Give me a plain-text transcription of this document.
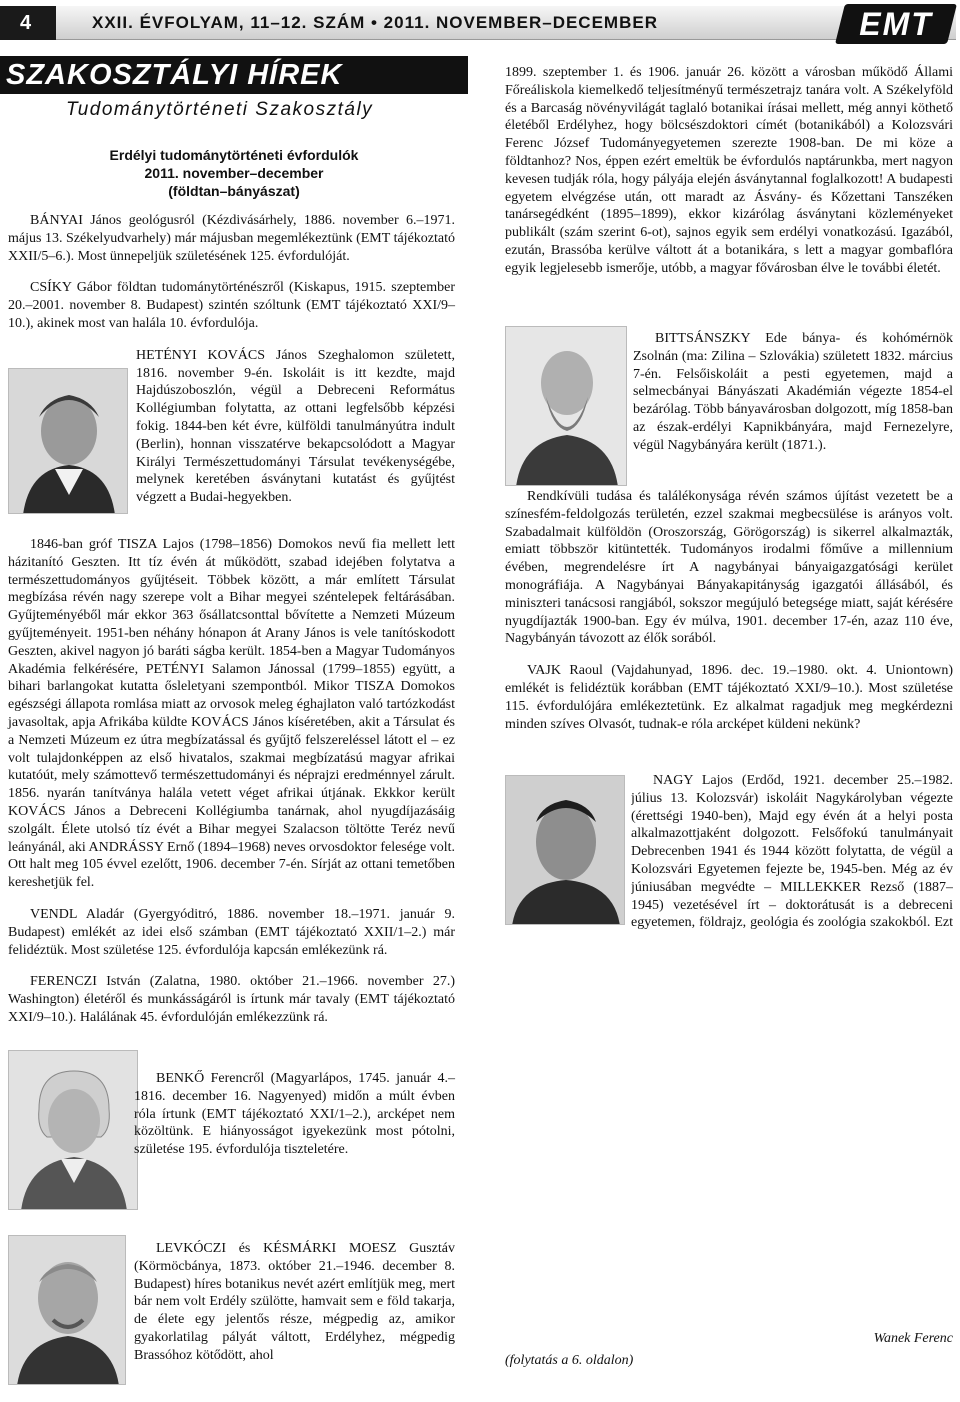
4	XXII. ÉVFOLYAM, 11–12. SZÁM • 2011. NOVEMBER–DECEMBER	EMT
SZAKOSZTÁLYI HÍREK
Tudománytörténeti Szakosztály
Erdélyi tudománytörténeti évfordulók
2011. november–december
(földtan–bányászat)

BÁNYAI János geológusról (Kézdivásárhely, 1886. november 6.–1971. május 13. Székelyudvarhely) már májusban megemlékeztünk (EMT tájékoztató XXII/5–6.). Most ünnepeljük születésének 125. évfordulóját.

CSÍKY Gábor földtan tudománytörténészről (Kiskapus, 1915. szeptember 20.–2001. november 8. Budapest) szintén szóltunk (EMT tájékoztató XXI/9–10.), akinek most van halála 10. évfordulója.

HETÉNYI KOVÁCS János Szeghalomon született, 1816. november 9-én. Iskoláit is itt kezdte, majd Hajdúszoboszlón, végül a Debreceni Református Kollégiumban folytatta, az ottani legfelsőbb képzési fokig. 1844-ben két évre, külföldi tanulmányútra indult (Berlin), honnan visszatérve bekapcsolódott a Magyar Királyi Természettudományi Társulat tevékenységébe, melynek keretében ásványtani kutatást és gyűjtést végzett a Budai-hegyekben.

1846-ban gróf TISZA Lajos (1798–1856) Domokos nevű fia mellett lett házitanító Geszten. Itt tíz évén át működött, szabad idejében folytatva a természettudományos gyűjtéseit. Többek között, a már említett Társulat megbízása révén nagy szerepe volt a Bihar megyei széntelepek feltárásában. Gyűjteményéből már ekkor 363 ősállatcsonttal bővítette a Nemzeti Múzeum gyűjteményeit. 1951-ben néhány hónapon át Arany János is vele tanítóskodott Geszten, akivel nagyon jó baráti ságba került. 1854-ben a Magyar Tudományos Akadémia felkérésére, PETÉNYI Salamon Jánossal (1799–1855) együtt, a bihari barlangokat kutatta ősleletyani szempontból. Mikor TISZA Domokos egészségi állapota romlása miatt az orvosok meleg éghajlaton való tartózkodást javasoltak, apja Afrikába küldte KOVÁCS János kíséretében, akit a Társulat és a Nemzeti Múzeum ez útra megbízatással és gyűjtő felszereléssel látott el – ez volt tulajdonképpen az első hivatalos, szakmai megbízatású magyar afrikai kutatóút, mely számottevő természettudományi és néprajzi eredménnyel zárult. 1856. nyarán tanítványa halála vetett véget afrikai útjának. Ekkkor került KOVÁCS János a Debreceni Kollégiumba tanárnak, ahol nyugdíjazásáig szolgált. Élete utolsó tíz évét a Bihar megyei Szalacson töltötte Teréz nevű leányánál, aki ANDRÁSSY Ernő (1894–1968) neves orvosdoktor felesége volt. Ott halt meg 105 évvel ezelőtt, 1906. december 7-én. Sírját az ottani temetőben kereshetjük fel.

VENDL Aladár (Gyergyóditró, 1886. november 18.–1971. január 9. Budapest) emlékét az idei első számban (EMT tájékoztató XXII/1–2.) már felidéztük. Most születése 125. évfordulója kapcsán emlékezünk rá.

FERENCZI István (Zalatna, 1980. október 21.–1966. november 27.) Washington) életéről és munkásságáról is írtunk már tavaly (EMT tájékoztató XXI/9–10.). Halálának 45. évfordulóján emlékezzünk rá.

BENKŐ Ferencről (Magyarlápos, 1745. január 4.–1816. december 16. Nagyenyed) midőn a múlt évben róla írtunk (EMT tájékoztató XXI/1–2.), arcképet nem közöltünk. E hiányosságot igyekezünk most pótolni, születése 195. évfordulója tiszteletére.

LEVKÓCZI és KÉSMÁRKI MOESZ Gusztáv (Körmöcbánya, 1873. október 21.–1946. december 8. Budapest) híres botanikus nevét azért említjük meg, mert bár nem volt Erdély szülötte, hamvait sem e föld takarja, de élete egy jelentős része, mégpedig az, amikor gyakorlatilag pályát váltott, Erdélyhez, mégpedig Brassóhoz kötődött, ahol

1899. szeptember 1. és 1906. január 26. között a városban működő Állami Főreáliskola kiemelkedő teljesítményű természetrajz tanára volt. A Székelyföld és a Barcaság növényvilágát taglaló botanikai írásai mellett, még annyi köthető életéből Erdélyhez, hogy bölcsészdoktori címét (botanikából) a Kolozsvári Ferenc József Tudományegyetemen szerezte 1908-ban. De mi köze a földtanhoz? Nos, éppen ezért emeltük be évfordulós naptárunkba, mert nagyon kevesen tudják róla, hogy pályája elején ásványtannal foglalkozott! A budapesti egyetem elvégzése után, ott maradt az Ásvány- és Kőzettani Tanszéken tanársegédként (1895–1899), ekkor kizárólag ásványtani közleményeket publikált (szám szerint 6-ot), sajnos egyik sem erdélyi vonatkozású. Igazából, ezután, Brassóba kerülve váltott át a botanikára, s lett a magyar gombaflóra egyik legjelesebb ismerője, utóbb, a magyar fővárosban élve le további életét.

BITTSÁNSZKY Ede bánya- és kohómérnök Zsolnán (ma: Zilina – Szlovákia) született 1832. március 7-én. Felsőiskoláit a pesti egyetemen, majd a selmecbányai Bányászati Akadémián végezte 1854-el bezárólag. Több bányavárosban dolgozott, míg 1858-ban az észak-erdélyi Kapnikbányára, majd Fernezelyre, végül Nagybányára került (1871.).

Rendkívüli tudása és találékonysága révén számos újítást vezetett be a színesfém-feldolgozás területén, ezzel szakmai megbecsülése is arányos volt. Szabadalmait külföldön (Oroszország, Görögország) is sikerrel alkalmazták, emiatt többször kitüntették. Tudományos irodalmi főműve a millennium évében, megrendelésre írt A nagybányai bányaigazgatósági kerület monográfiája. A Nagybányai Bányakapitányság igazgatói állásából, és miniszteri tanácsosi rangjából, sokszor megújuló betegsége miatt, saját kérésére nyugdíjazták 1900-ban. Egy év múlva, 1901. december 17-én, azaz 110 éve, Nagybányán távozott az élők sorából.

VAJK Raoul (Vajdahunyad, 1896. dec. 19.–1980. okt. 4. Uniontown) emlékét is felidéztük korábban (EMT tájékoztató XXI/9–10.). Most születése 115. évfordulójára emlékeztetünk. Ez alkalmat ragadjuk meg megkérdezni minden szíves Olvasót, tudnak-e róla arcképet küldeni nekünk?

NAGY Lajos (Erdőd, 1921. december 25.–1982. július 13. Kolozsvár) iskoláit Nagykárolyban végezte (érettségi 1940-ben), Majd egy évén át a helyi posta alkalmazottjaként dolgozott. Felsőfokú tanulmányait Debrecenben 1941 és 1944 között folytatta, de végül a Kolozsvári Egyetemen fejezte be, 1945-ben. Még az év júniusában megvédte – MILLEKKER Rezső (1887–1945) vezetésével írt – doktorátusát is a debreceni egyetemen, földrajz, geológia és zoológia szakokból. Ezt

Wanek Ferenc

(folytatás a 6. oldalon)
